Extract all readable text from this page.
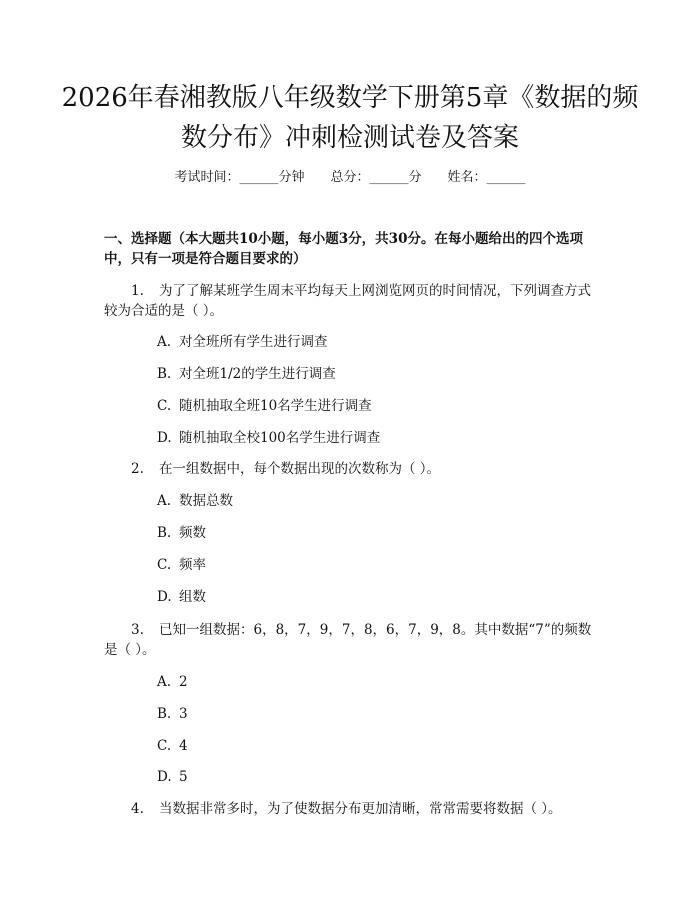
2026年春湘教版八年级数学下册第5章《数据的频数分布》冲刺检测试卷及答案
考试时间：______分钟 总分：______分 姓名：______
一、选择题（本大题共10小题，每小题3分，共30分。在每小题给出的四个选项中，只有一项是符合题目要求的）
1. 为了了解某班学生周末平均每天上网浏览网页的时间情况，下列调查方式较为合适的是（ ）。
A. 对全班所有学生进行调查
B. 对全班1/2的学生进行调查
C. 随机抽取全班10名学生进行调查
D. 随机抽取全校100名学生进行调查
2. 在一组数据中，每个数据出现的次数称为（ ）。
A. 数据总数
B. 频数
C. 频率
D. 组数
3. 已知一组数据：6，8，7，9，7，8，6，7，9，8。其中数据“7”的频数是（ ）。
A. 2
B. 3
C. 4
D. 5
4. 当数据非常多时，为了使数据分布更加清晰，常常需要将数据（ ）。
